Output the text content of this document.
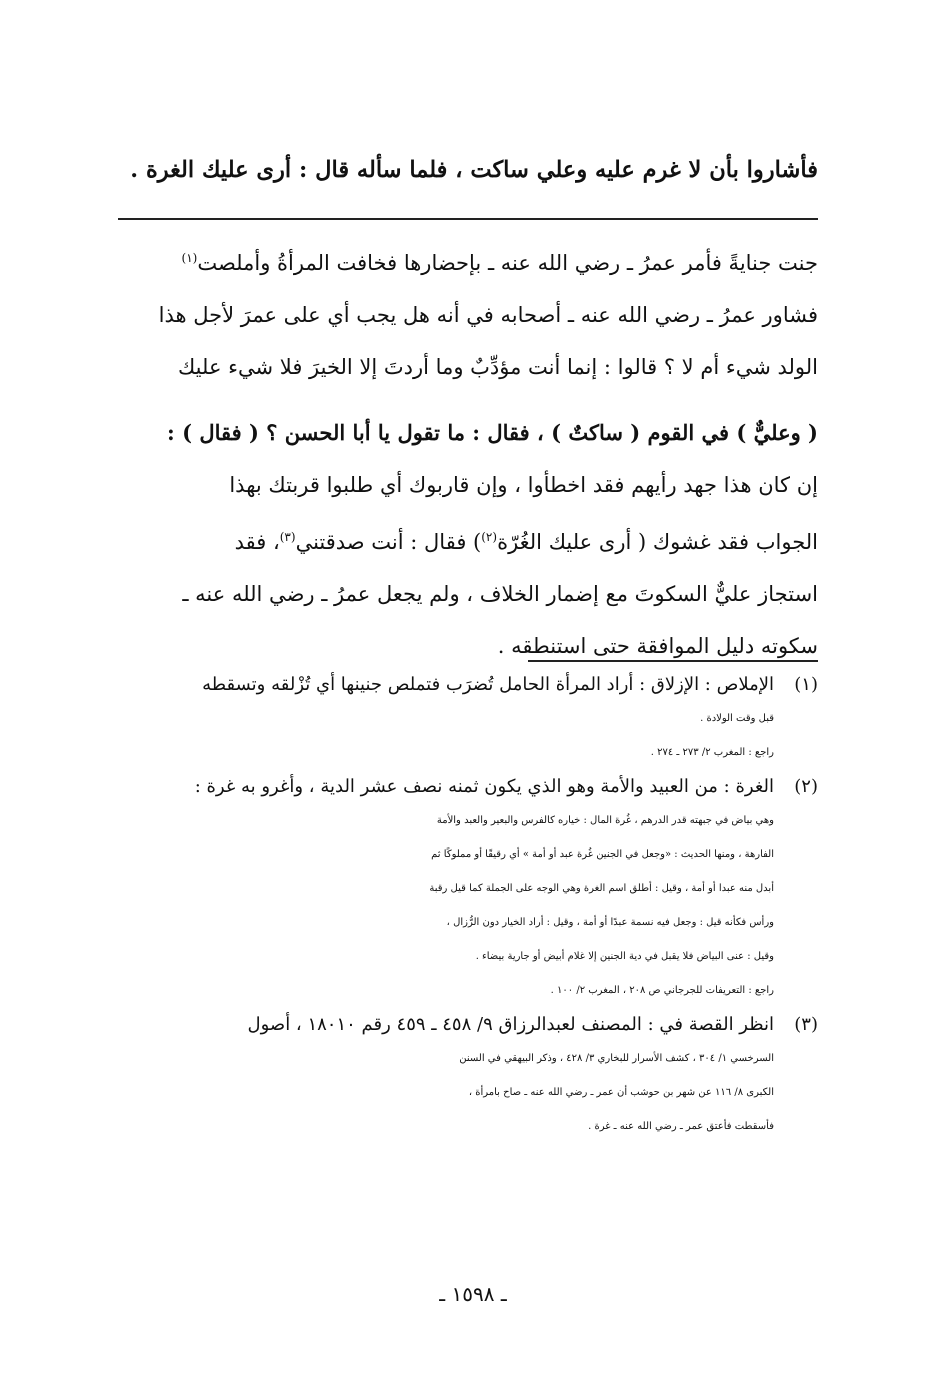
فأشاروا بأن لا غرم عليه وعلي ساكت ، فلما سأله قال : أرى عليك الغرة .
جنت جنايةً فأمر عمرُ ـ رضي الله عنه ـ بإحضارها فخافت المرأةُ وأملصت$^{(١)}$
فشاور عمرُ ـ رضي الله عنه ـ أصحابه في أنه هل يجب أي على عمرَ لأجل هذا
الولد شيء أم لا ؟ قالوا : إنما أنت مؤدِّبٌ وما أردتَ إلا الخيرَ فلا شيء عليك
( وعليٌّ ) في القوم ( ساكتٌ ) ، فقال : ما تقول يا أبا الحسن ؟ ( فقال ) :
إن كان هذا جهد رأيهم فقد اخطأوا ، وإن قاربوك أي طلبوا قربتك بهذا
الجواب فقد غشوك ( أرى عليك الغُرّة$^{(٢)}$) فقال : أنت صدقتني$^{(٣)}$، فقد
استجاز عليٌّ السكوتَ مع إضمار الخلاف ، ولم يجعل عمرُ ـ رضي الله عنه ـ
سكوته دليل الموافقة حتى استنطقه .
(١)الإملاص : الإزلاق : أراد المرأة الحامل تُضرَب فتملص جنينها أي تُزْلقه وتسقطه
قبل وقت الولادة .
راجع : المغرب ٢/ ٢٧٣ ـ ٢٧٤ .
(٢)الغرة : من العبيد والأمة وهو الذي يكون ثمنه نصف عشر الدية ، وأغرو به غرة :
وهي بياض في جبهته قدر الدرهم ، غُرة المال : خياره كالفرس والبعير والعبد والأمة
الفارهة ، ومنها الحديث : «وجعل في الجنين غُرة عبد أو أمة » أي رقيقًا أو مملوكًا ثم
أبدل منه عبدا أو أمة ، وقيل : أطلق اسم الغرة وهي الوجه على الجملة كما قيل رقبة
ورأس فكأنه قيل : وجعل فيه نسمة عبدًا أو أمة ، وقيل : أراد الخيار دون الرُّزال ،
وقيل : عنى البياض فلا يقبل في دية الجنين إلا غلام أبيض أو جارية بيضاء .
راجع : التعريفات للجرجاني ص ٢٠٨ ، المغرب ٢/ ١٠٠ .
(٣)انظر القصة في : المصنف لعبدالرزاق ٩/ ٤٥٨ ـ ٤٥٩ رقم ١٨٠١٠ ، أصول
السرخسي ١/ ٣٠٤ ، كشف الأسرار للبخاري ٣/ ٤٢٨ ، وذكر البيهقي في السنن
الكبرى ٨/ ١١٦ عن شهر بن حوشب أن عمر ـ رضي الله عنه ـ صاح بامرأة ،
فأسقطت فأعتق عمر ـ رضي الله عنه ـ غرة .
ـ ١٥٩٨ ـ
